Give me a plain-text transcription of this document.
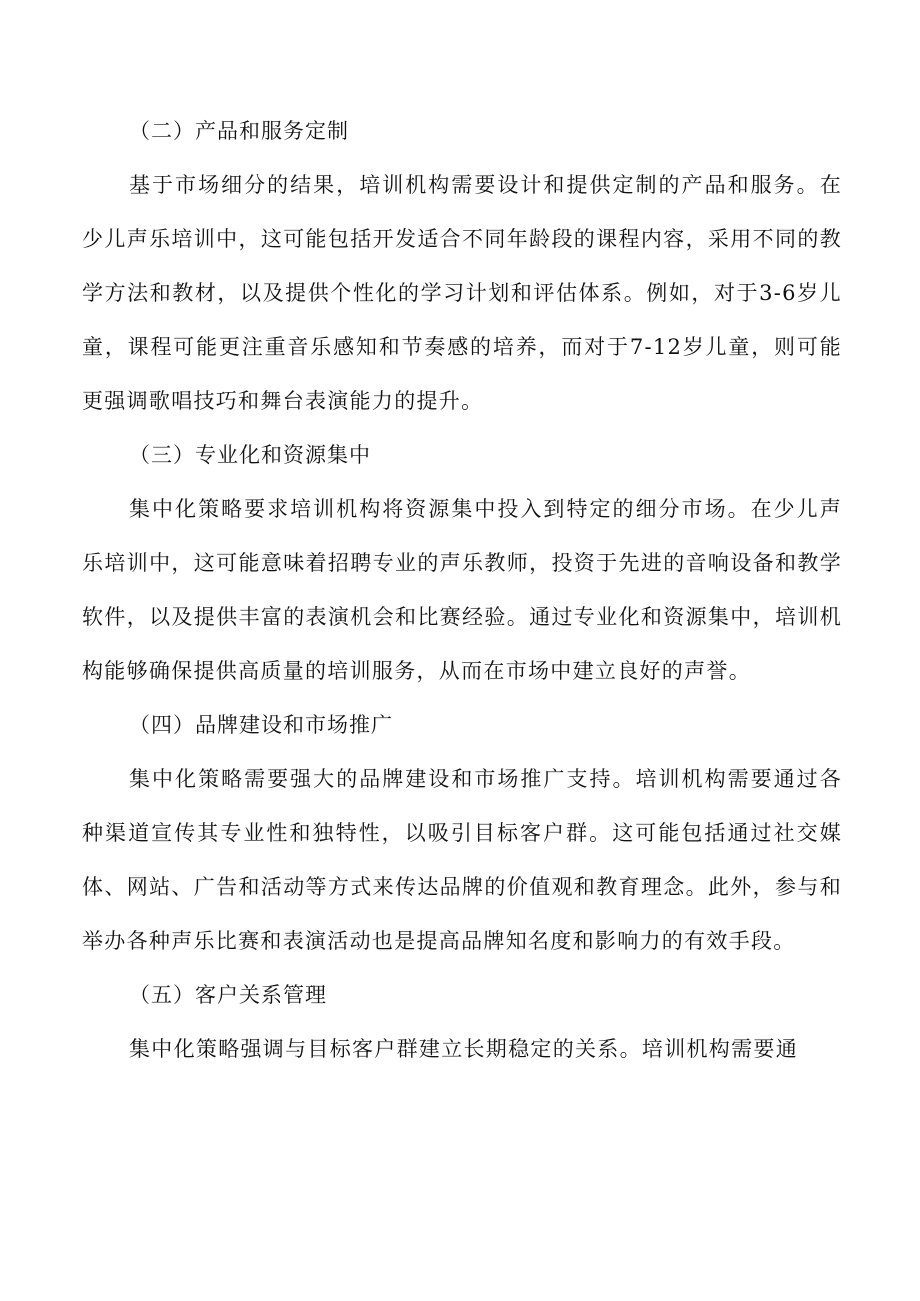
（二）产品和服务定制

基于市场细分的结果，培训机构需要设计和提供定制的产品和服务。在少儿声乐培训中，这可能包括开发适合不同年龄段的课程内容，采用不同的教学方法和教材，以及提供个性化的学习计划和评估体系。例如，对于3-6岁儿童，课程可能更注重音乐感知和节奏感的培养，而对于7-12岁儿童，则可能更强调歌唱技巧和舞台表演能力的提升。

（三）专业化和资源集中

集中化策略要求培训机构将资源集中投入到特定的细分市场。在少儿声乐培训中，这可能意味着招聘专业的声乐教师，投资于先进的音响设备和教学软件，以及提供丰富的表演机会和比赛经验。通过专业化和资源集中，培训机构能够确保提供高质量的培训服务，从而在市场中建立良好的声誉。

（四）品牌建设和市场推广

集中化策略需要强大的品牌建设和市场推广支持。培训机构需要通过各种渠道宣传其专业性和独特性，以吸引目标客户群。这可能包括通过社交媒体、网站、广告和活动等方式来传达品牌的价值观和教育理念。此外，参与和举办各种声乐比赛和表演活动也是提高品牌知名度和影响力的有效手段。

（五）客户关系管理

集中化策略强调与目标客户群建立长期稳定的关系。培训机构需要通
